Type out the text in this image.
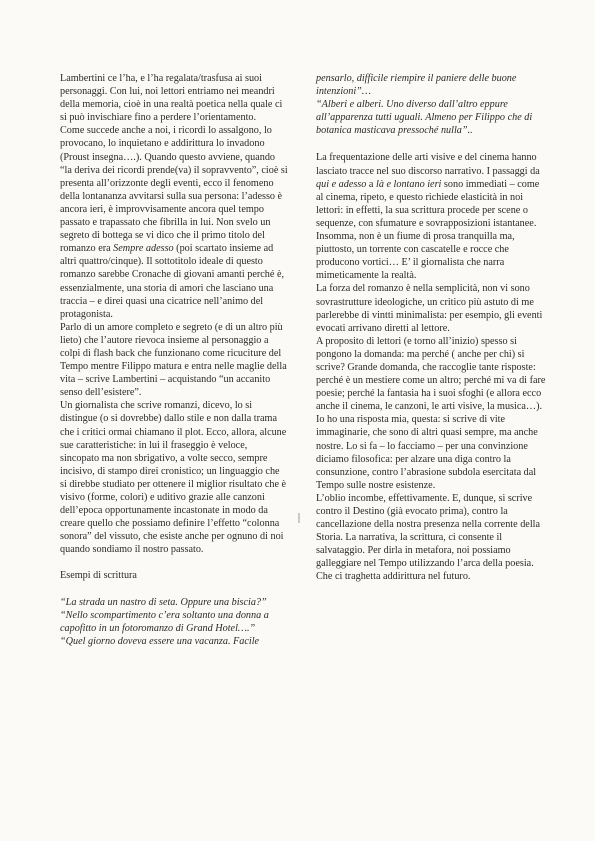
Lambertini ce l’ha, e l’ha regalata/trasfusa ai suoi personaggi. Con lui, noi lettori entriamo nei meandri della memoria, cioè in una realtà poetica nella quale ci si può invischiare fino a perdere l’orientamento.

Come succede anche a noi, i ricordi lo assalgono, lo provocano, lo inquietano e addirittura lo invadono (Proust insegna….). Quando questo avviene, quando “la deriva dei ricordi prende(va) il sopravvento”, cioè si presenta all’orizzonte degli eventi, ecco il fenomeno della lontananza avvitarsi sulla sua persona: l’adesso è ancora ieri, è improvvisamente ancora quel tempo passato e trapassato che fibrilla in lui. Non svelo un segreto di bottega se vi dico che il primo titolo del romanzo era Sempre adesso (poi scartato insieme ad altri quattro/cinque). Il sottotitolo ideale di questo romanzo sarebbe Cronache di giovani amanti perché è, essenzialmente, una storia di amori che lasciano una traccia – e direi quasi una cicatrice nell’animo del protagonista.

Parlo di un amore completo e segreto (e di un altro più lieto) che l’autore rievoca insieme al personaggio a colpi di flash back che funzionano come ricuciture del Tempo mentre Filippo matura e entra nelle maglie della vita – scrive Lambertini – acquistando “un accanito senso dell’esistere”.

Un giornalista che scrive romanzi, dicevo, lo si distingue (o si dovrebbe) dallo stile e non dalla trama che i critici ormai chiamano il plot. Ecco, allora, alcune sue caratteristiche: in lui il fraseggio è veloce, sincopato ma non sbrigativo, a volte secco, sempre incisivo, di stampo direi cronistico; un linguaggio che si direbbe studiato per ottenere il miglior risultato che è visivo (forme, colori) e uditivo grazie alle canzoni dell’epoca opportunamente incastonate in modo da creare quello che possiamo definire l’effetto “colonna sonora” del vissuto, che esiste anche per ognuno di noi quando sondiamo il nostro passato.

Esempi di scrittura

“La strada un nastro di seta. Oppure una biscia?”

“Nello scompartimento c’era soltanto una donna a capofitto in un fotoromanzo di Grand Hotel….”

“Quel giorno doveva essere una vacanza. Facile

pensarlo, difficile riempire il paniere delle buone intenzioni”…

“Alberi e alberi. Uno diverso dall’altro eppure all’apparenza tutti uguali. Almeno per Filippo che di botanica masticava pressoché nulla”..

La frequentazione delle arti visive e del cinema hanno lasciato tracce nel suo discorso narrativo. I passaggi da qui e adesso a là e lontano ieri sono immediati – come al cinema, ripeto, e questo richiede elasticità in noi lettori: in effetti, la sua scrittura procede per scene o sequenze, con sfumature e sovrapposizioni istantanee.

Insomma, non è un fiume di prosa tranquilla ma, piuttosto, un torrente con cascatelle e rocce che producono vortici… E’ il giornalista che narra mimeticamente la realtà.

La forza del romanzo è nella semplicità, non vi sono sovrastrutture ideologiche, un critico più astuto di me parlerebbe di vintti minimalista: per esempio, gli eventi evocati arrivano diretti al lettore.

A proposito di lettori (e torno all’inizio) spesso si pongono la domanda: ma perché ( anche per chi) si scrive? Grande domanda, che raccoglie tante risposte: perché è un mestiere come un altro; perché mi va di fare poesie; perché la fantasia ha i suoi sfoghi (e allora ecco anche il cinema, le canzoni, le arti visive, la musica…). Io ho una risposta mia, questa: si scrive di vite immaginarie, che sono di altri quasi sempre, ma anche nostre. Lo si fa – lo facciamo – per una convinzione diciamo filosofica: per alzare una diga contro la consunzione, contro l’abrasione subdola esercitata dal Tempo sulle nostre esistenze.

L’oblio incombe, effettivamente. E, dunque, si scrive contro il Destino (già evocato prima), contro la cancellazione della nostra presenza nella corrente della Storia. La narrativa, la scrittura, ci consente il salvataggio. Per dirla in metafora, noi possiamo galleggiare nel Tempo utilizzando l’arca della poesia. Che ci traghetta addirittura nel futuro.
